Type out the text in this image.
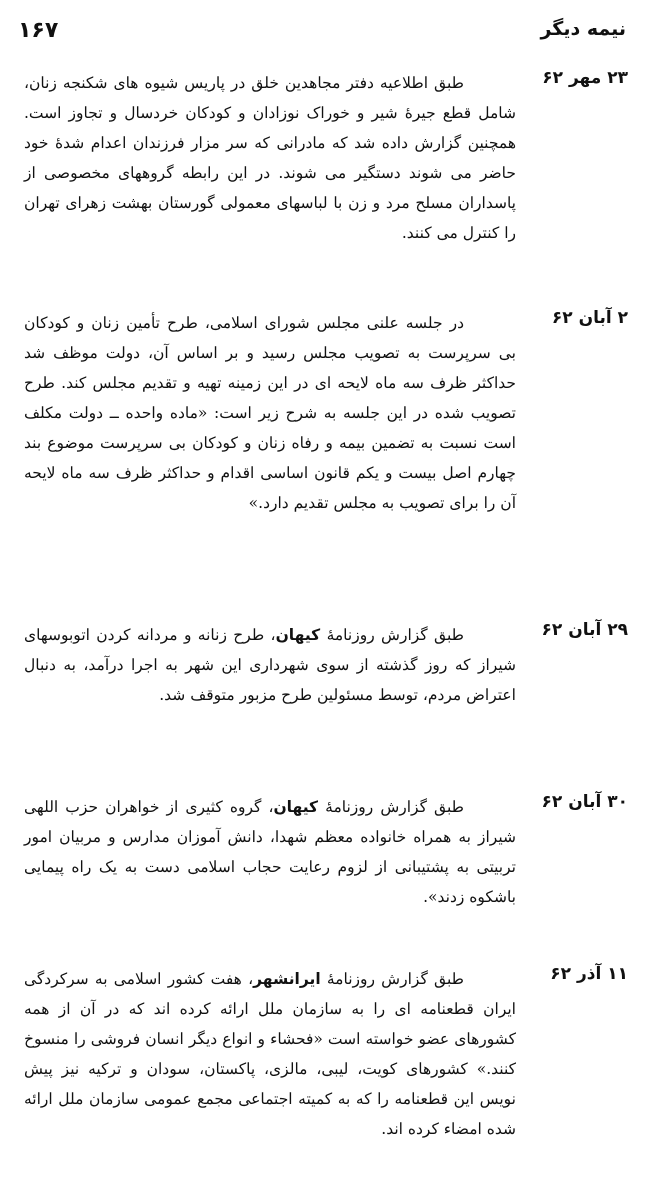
نیمه دیگر
۱۶۷
۲۳ مهر ۶۲

طبق اطلاعیه دفتر مجاهدین خلق در پاریس شیوه های شکنجه زنان، شامل قطع جیرهٔ شیر و خوراک نوزادان و کودکان خردسال و تجاوز است. همچنین گزارش داده شد که مادرانی که سر مزار فرزندان اعدام شدهٔ خود حاضر می شوند دستگیر می شوند. در این رابطه گروههای مخصوصی از پاسداران مسلح مرد و زن با لباسهای معمولی گورستان بهشت زهرای تهران را کنترل می کنند.

۲ آبان ۶۲

در جلسه علنی مجلس شورای اسلامی، طرح تأمین زنان و کودکان بی سرپرست به تصویب مجلس رسید و بر اساس آن، دولت موظف شد حداکثر ظرف سه ماه لایحه ای در این زمینه تهیه و تقدیم مجلس کند. طرح تصویب شده در این جلسه به شرح زیر است: «ماده واحده ــ دولت مکلف است نسبت به تضمین بیمه و رفاه زنان و کودکان بی سرپرست موضوع بند چهارم اصل بیست و یکم قانون اساسی اقدام و حداکثر ظرف سه ماه لایحه آن را برای تصویب به مجلس تقدیم دارد.»

۲۹ آبان ۶۲

طبق گزارش روزنامهٔ کیهان، طرح زنانه و مردانه کردن اتوبوسهای شیراز که روز گذشته از سوی شهرداری این شهر به اجرا درآمد، به دنبال اعتراض مردم، توسط مسئولین طرح مزبور متوقف شد.

۳۰ آبان ۶۲

طبق گزارش روزنامهٔ کیهان، گروه کثیری از خواهران حزب اللهی شیراز به همراه خانواده معظم شهدا، دانش آموزان مدارس و مربیان امور تربیتی به پشتیبانی از لزوم رعایت حجاب اسلامی دست به یک راه پیمایی باشکوه زدند».

۱۱ آذر ۶۲

طبق گزارش روزنامهٔ ایرانشهر، هفت کشور اسلامی به سرکردگی ایران قطعنامه ای را به سازمان ملل ارائه کرده اند که در آن از همه کشورهای عضو خواسته است «فحشاء و انواع دیگر انسان فروشی را منسوخ کنند.» کشورهای کویت، لیبی، مالزی، پاکستان، سودان و ترکیه نیز پیش نویس این قطعنامه را که به کمیته اجتماعی مجمع عمومی سازمان ملل ارائه شده امضاء کرده اند.
